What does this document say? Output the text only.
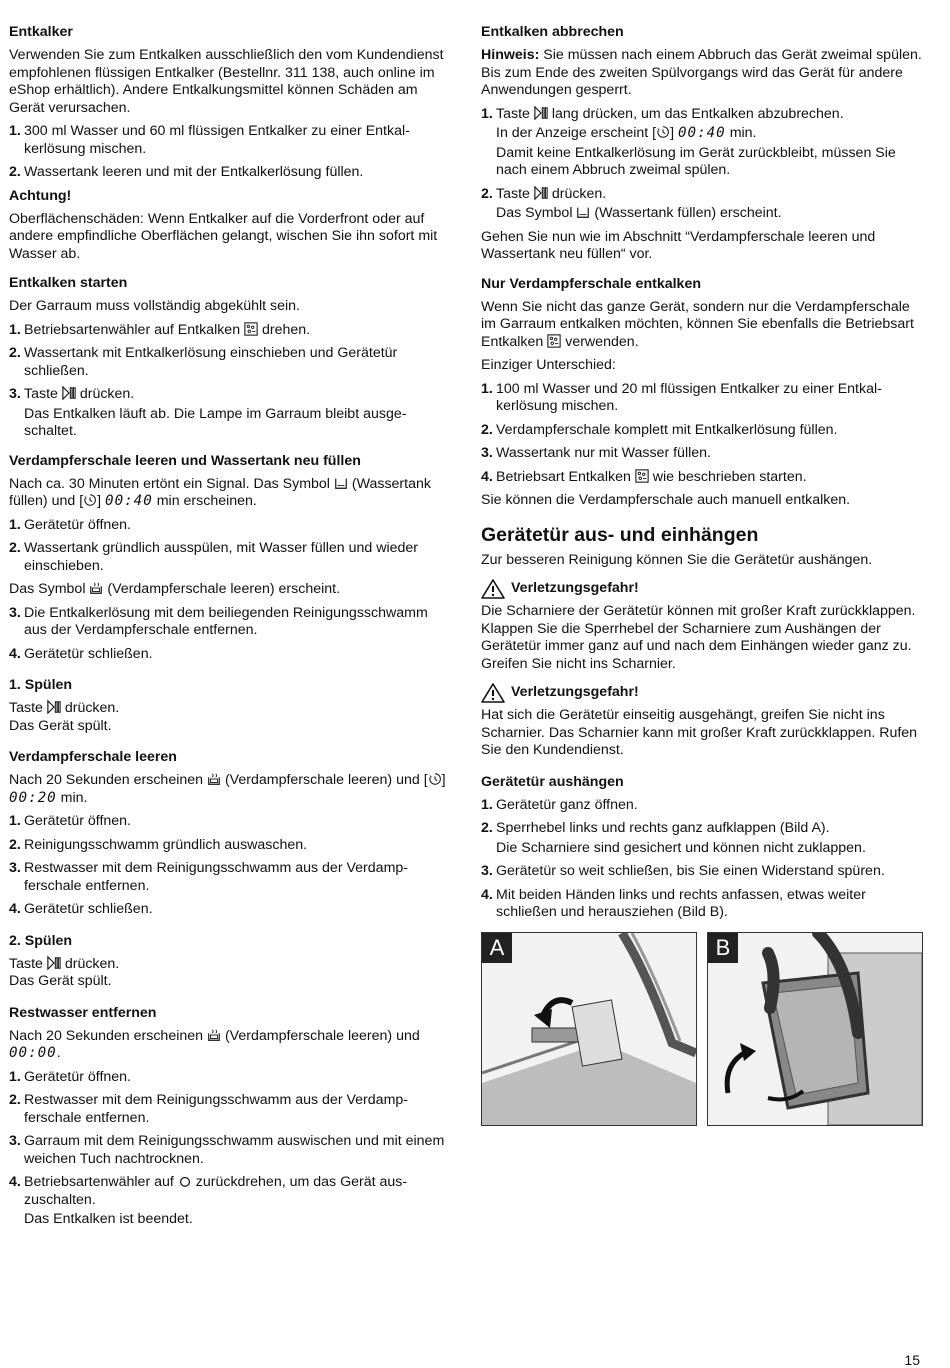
Entkalker

Verwenden Sie zum Entkalken ausschließlich den vom Kundendienst empfohlenen flüssigen Entkalker (Bestellnr. 311 138, auch online im eShop erhältlich). Andere Entkalkungsmittel können Schäden am Gerät verursachen.

1. 300 ml Wasser und 60 ml flüssigen Entkalker zu einer Entkalkerlösung mischen.
2. Wassertank leeren und mit der Entkalkerlösung füllen.
Achtung!

Oberflächenschäden: Wenn Entkalker auf die Vorderfront oder auf andere empfindliche Oberflächen gelangt, wischen Sie ihn sofort mit Wasser ab.

Entkalken starten

Der Garraum muss vollständig abgekühlt sein.

1. Betriebsartenwähler auf Entkalken drehen.
2. Wassertank mit Entkalkerlösung einschieben und Gerätetür schließen.
3. Taste drücken.
Das Entkalken läuft ab. Die Lampe im Garraum bleibt ausgeschaltet.
Verdampferschale leeren und Wassertank neu füllen

Nach ca. 30 Minuten ertönt ein Signal. Das Symbol (Wassertank füllen) und [ ] 00:40 min erscheinen.

1. Gerätetür öffnen.
2. Wassertank gründlich ausspülen, mit Wasser füllen und wieder einschieben.

Das Symbol (Verdampferschale leeren) erscheint.

3. Die Entkalkerlösung mit dem beiliegenden Reinigungsschwamm aus der Verdampferschale entfernen.
4. Gerätetür schließen.
1. Spülen

Taste drücken.

Das Gerät spült.

Verdampferschale leeren

Nach 20 Sekunden erscheinen (Verdampferschale leeren) und [ ] 00:20 min.

1. Gerätetür öffnen.
2. Reinigungsschwamm gründlich auswaschen.
3. Restwasser mit dem Reinigungsschwamm aus der Verdampferschale entfernen.
4. Gerätetür schließen.
2. Spülen

Taste drücken.

Das Gerät spült.

Restwasser entfernen

Nach 20 Sekunden erscheinen (Verdampferschale leeren) und 00:00.

1. Gerätetür öffnen.
2. Restwasser mit dem Reinigungsschwamm aus der Verdampferschale entfernen.
3. Garraum mit dem Reinigungsschwamm auswischen und mit einem weichen Tuch nachtrocknen.
4. Betriebsartenwähler auf zurückdrehen, um das Gerät auszuschalten.
Das Entkalken ist beendet.
Entkalken abbrechen

Hinweis: Sie müssen nach einem Abbruch das Gerät zweimal spülen. Bis zum Ende des zweiten Spülvorgangs wird das Gerät für andere Anwendungen gesperrt.

1. Taste lang drücken, um das Entkalken abzubrechen.
In der Anzeige erscheint [ ] 00:40 min.
Damit keine Entkalkerlösung im Gerät zurückbleibt, müssen Sie nach einem Abbruch zweimal spülen.
2. Taste drücken.
Das Symbol (Wassertank füllen) erscheint.

Gehen Sie nun wie im Abschnitt “Verdampferschale leeren und Wassertank neu füllen“ vor.

Nur Verdampferschale entkalken

Wenn Sie nicht das ganze Gerät, sondern nur die Verdampferschale im Garraum entkalken möchten, können Sie ebenfalls die Betriebsart Entkalken verwenden.

Einziger Unterschied:

1. 100 ml Wasser und 20 ml flüssigen Entkalker zu einer Entkalkerlösung mischen.
2. Verdampferschale komplett mit Entkalkerlösung füllen.
3. Wassertank nur mit Wasser füllen.
4. Betriebsart Entkalken wie beschrieben starten.

Sie können die Verdampferschale auch manuell entkalken.

Gerätetür aus- und einhängen

Zur besseren Reinigung können Sie die Gerätetür aushängen.

Verletzungsgefahr!

Die Scharniere der Gerätetür können mit großer Kraft zurückklappen. Klappen Sie die Sperrhebel der Scharniere zum Aushängen der Gerätetür immer ganz auf und nach dem Einhängen wieder ganz zu. Greifen Sie nicht ins Scharnier.

Verletzungsgefahr!

Hat sich die Gerätetür einseitig ausgehängt, greifen Sie nicht ins Scharnier. Das Scharnier kann mit großer Kraft zurückklappen. Rufen Sie den Kundendienst.

Gerätetür aushängen
1. Gerätetür ganz öffnen.
2. Sperrhebel links und rechts ganz aufklappen (Bild A).
Die Scharniere sind gesichert und können nicht zuklappen.
3. Gerätetür so weit schließen, bis Sie einen Widerstand spüren.
4. Mit beiden Händen links und rechts anfassen, etwas weiter schließen und herausziehen (Bild B).
A	B
15
